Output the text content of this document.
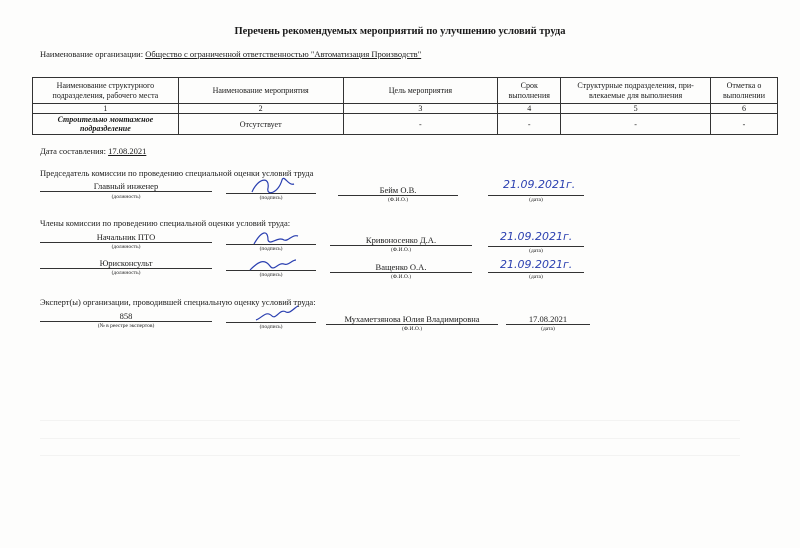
Перечень рекомендуемых мероприятий по улучшению условий труда
Наименование организации: Общество с ограниченной ответственностью "Автоматизация Производств"
Наименование структурного подразделения, рабочего места	Наименование мероприятия	Цель мероприятия	Срок выполнения	Структурные подразделения, при-влекаемые для выполнения	Отметка о выполнении
1	2	3	4	5	6
Строительно монтажное подразделение	Отсутствует	-	-	-	-
Дата составления: 17.08.2021
Председатель комиссии по проведению специальной оценки условий труда
Главный инженер
(должность)	(подпись)
Бейм О.В.
(Ф.И.О.)
21.09.2021г.
(дата)
Члены комиссии по проведению специальной оценки условий труда:
Начальник ПТО
(должность)	(подпись)
Кривоносенко Д.А.
(Ф.И.О.)
21.09.2021г.
(дата)
Юрисконсульт
(должность)	(подпись)
Ващенко О.А.
(Ф.И.О.)
21.09.2021г.
(дата)
Эксперт(ы) организации, проводившей специальную оценку условий труда:
858
(№ в реестре экспертов)	(подпись)
Мухаметзянова Юлия Владимировна
(Ф.И.О.)
17.08.2021
(дата)
